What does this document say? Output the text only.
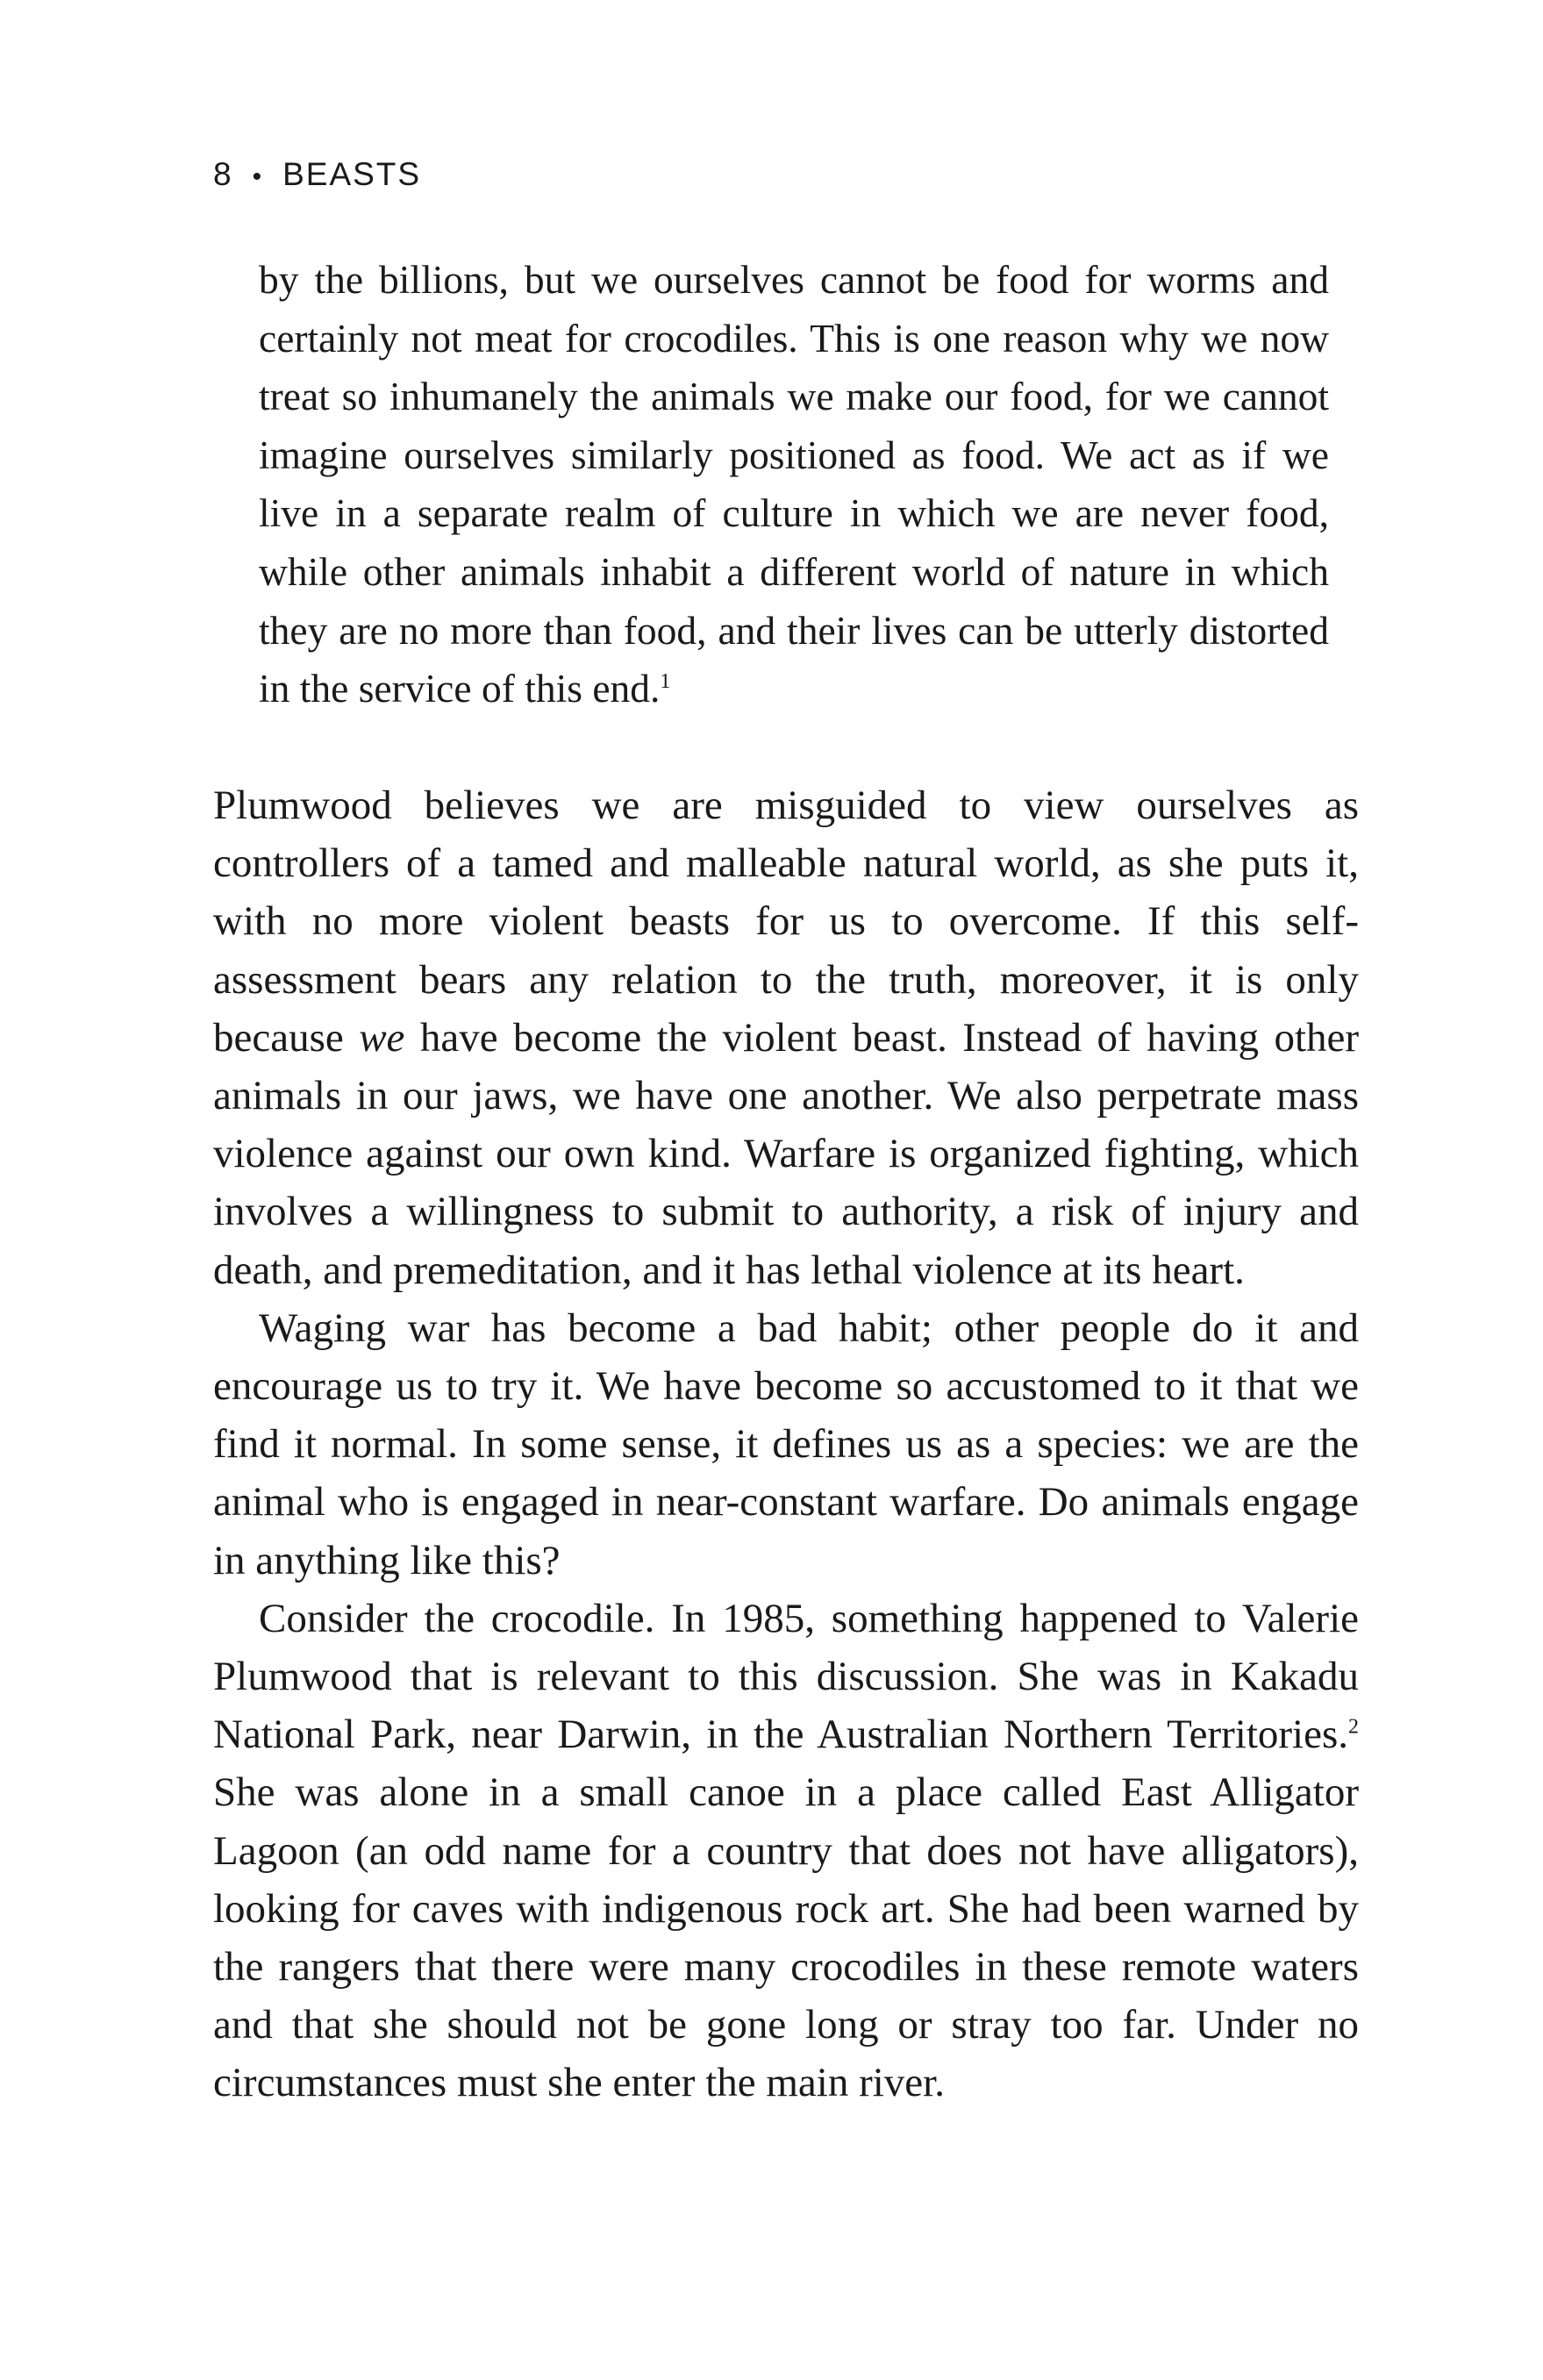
8 • BEASTS

by the billions, but we ourselves cannot be food for worms and certainly not meat for crocodiles. This is one reason why we now treat so inhumanely the animals we make our food, for we cannot imagine ourselves similarly positioned as food. We act as if we live in a separate realm of culture in which we are never food, while other animals inhabit a different world of nature in which they are no more than food, and their lives can be utterly distorted in the service of this end.$^1$

Plumwood believes we are misguided to view ourselves as controllers of a tamed and malleable natural world, as she puts it, with no more violent beasts for us to overcome. If this self-assessment bears any relation to the truth, moreover, it is only because we have become the violent beast. Instead of having other animals in our jaws, we have one another. We also perpetrate mass violence against our own kind. Warfare is organized fighting, which involves a willingness to submit to authority, a risk of injury and death, and premeditation, and it has lethal violence at its heart.

Waging war has become a bad habit; other people do it and encourage us to try it. We have become so accustomed to it that we find it normal. In some sense, it defines us as a species: we are the animal who is engaged in near-constant warfare. Do animals engage in anything like this?

Consider the crocodile. In 1985, something happened to Valerie Plumwood that is relevant to this discussion. She was in Kakadu National Park, near Darwin, in the Australian Northern Territories.$^2$ She was alone in a small canoe in a place called East Alligator Lagoon (an odd name for a country that does not have alligators), looking for caves with indigenous rock art. She had been warned by the rangers that there were many crocodiles in these remote waters and that she should not be gone long or stray too far. Under no circumstances must she enter the main river.
